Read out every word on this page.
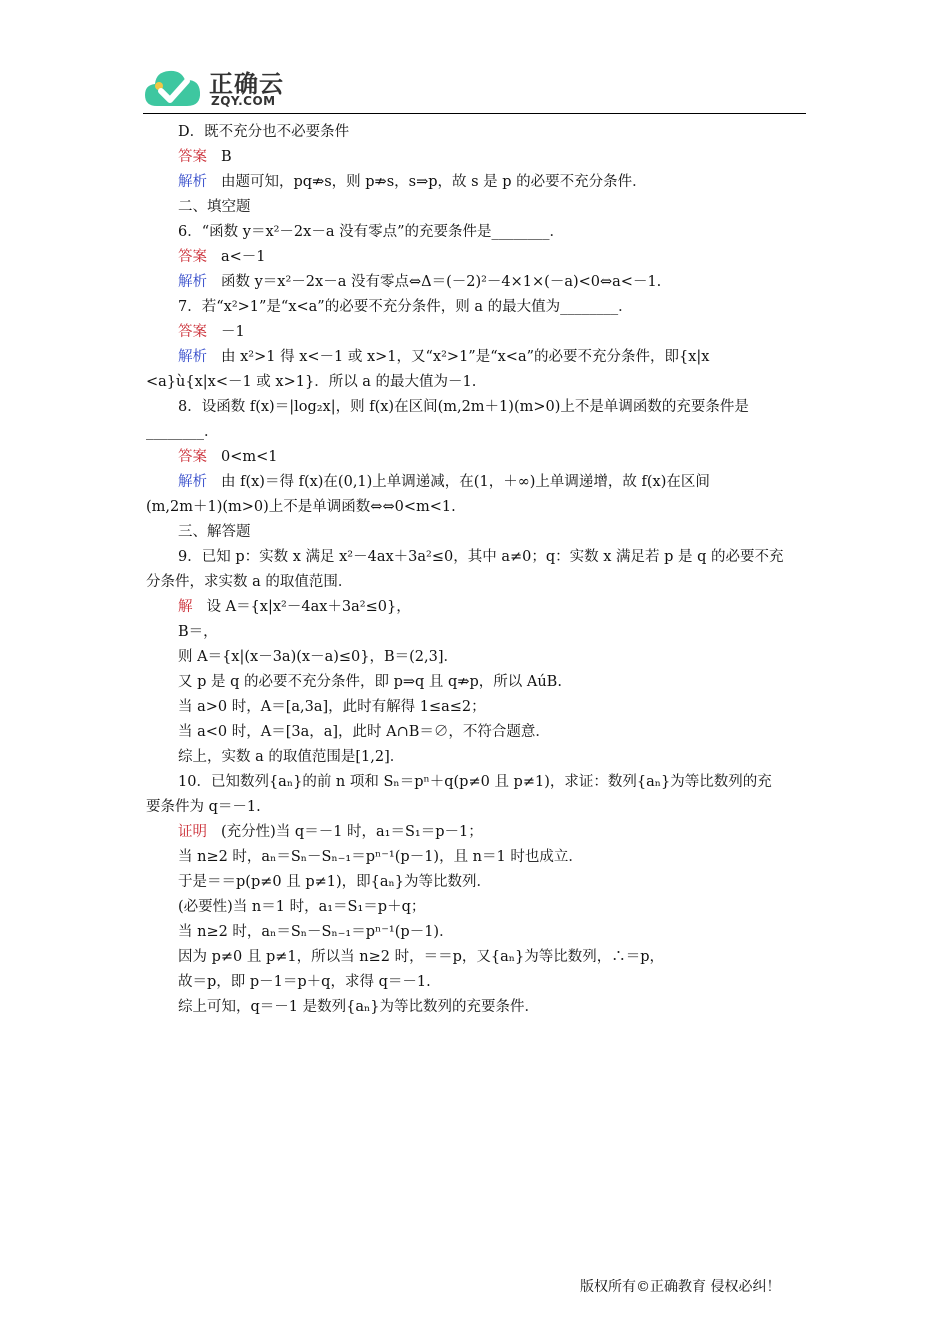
正确云
ZQY.COM

D．既不充分也不必要条件

答案 B

解析 由题可知，pq⇏s，则 p⇏s，s⇒p，故 s 是 p 的必要不充分条件．

二、填空题

6．“函数 y＝x²－2x－a 没有零点”的充要条件是________．

答案 a<－1

解析 函数 y＝x²－2x－a 没有零点⇔Δ＝(－2)²－4×1×(－a)<0⇔a<－1.

7．若“x²>1”是“x<a”的必要不充分条件，则 a 的最大值为________．

答案 －1

解析 由 x²>1 得 x<－1 或 x>1，又“x²>1”是“x<a”的必要不充分条件，即{x|x

<a}ù{x|x<－1 或 x>1}．所以 a 的最大值为－1.

8．设函数 f(x)＝|log₂x|，则 f(x)在区间(m,2m＋1)(m>0)上不是单调函数的充要条件是

________．

答案 0<m<1

解析 由 f(x)＝得 f(x)在(0,1)上单调递减，在(1，＋∞)上单调递增，故 f(x)在区间

(m,2m＋1)(m>0)上不是单调函数⇔⇔0<m<1.

三、解答题

9．已知 p：实数 x 满足 x²－4ax＋3a²≤0，其中 a≠0；q：实数 x 满足若 p 是 q 的必要不充

分条件，求实数 a 的取值范围．

解 设 A＝{x|x²－4ax＋3a²≤0}，

B＝，

则 A＝{x|(x－3a)(x－a)≤0}，B＝(2,3]．

又 p 是 q 的必要不充分条件，即 p⇒q 且 q⇏p，所以 AúB.

当 a>0 时，A＝[a,3a]，此时有解得 1≤a≤2；

当 a<0 时，A＝[3a，a]，此时 A∩B＝∅，不符合题意．

综上，实数 a 的取值范围是[1,2]．

10．已知数列{aₙ}的前 n 项和 Sₙ＝pⁿ＋q(p≠0 且 p≠1)，求证：数列{aₙ}为等比数列的充

要条件为 q＝－1.

证明 (充分性)当 q＝－1 时，a₁＝S₁＝p－1；

当 n≥2 时，aₙ＝Sₙ－Sₙ₋₁＝pⁿ⁻¹(p－1)，且 n＝1 时也成立．

于是＝＝p(p≠0 且 p≠1)，即{aₙ}为等比数列．

(必要性)当 n＝1 时，a₁＝S₁＝p＋q；

当 n≥2 时，aₙ＝Sₙ－Sₙ₋₁＝pⁿ⁻¹(p－1)．

因为 p≠0 且 p≠1，所以当 n≥2 时，＝＝p，又{aₙ}为等比数列，∴＝p，

故＝p，即 p－1＝p＋q，求得 q＝－1.

综上可知，q＝－1 是数列{aₙ}为等比数列的充要条件．

版权所有©正确教育 侵权必纠！
